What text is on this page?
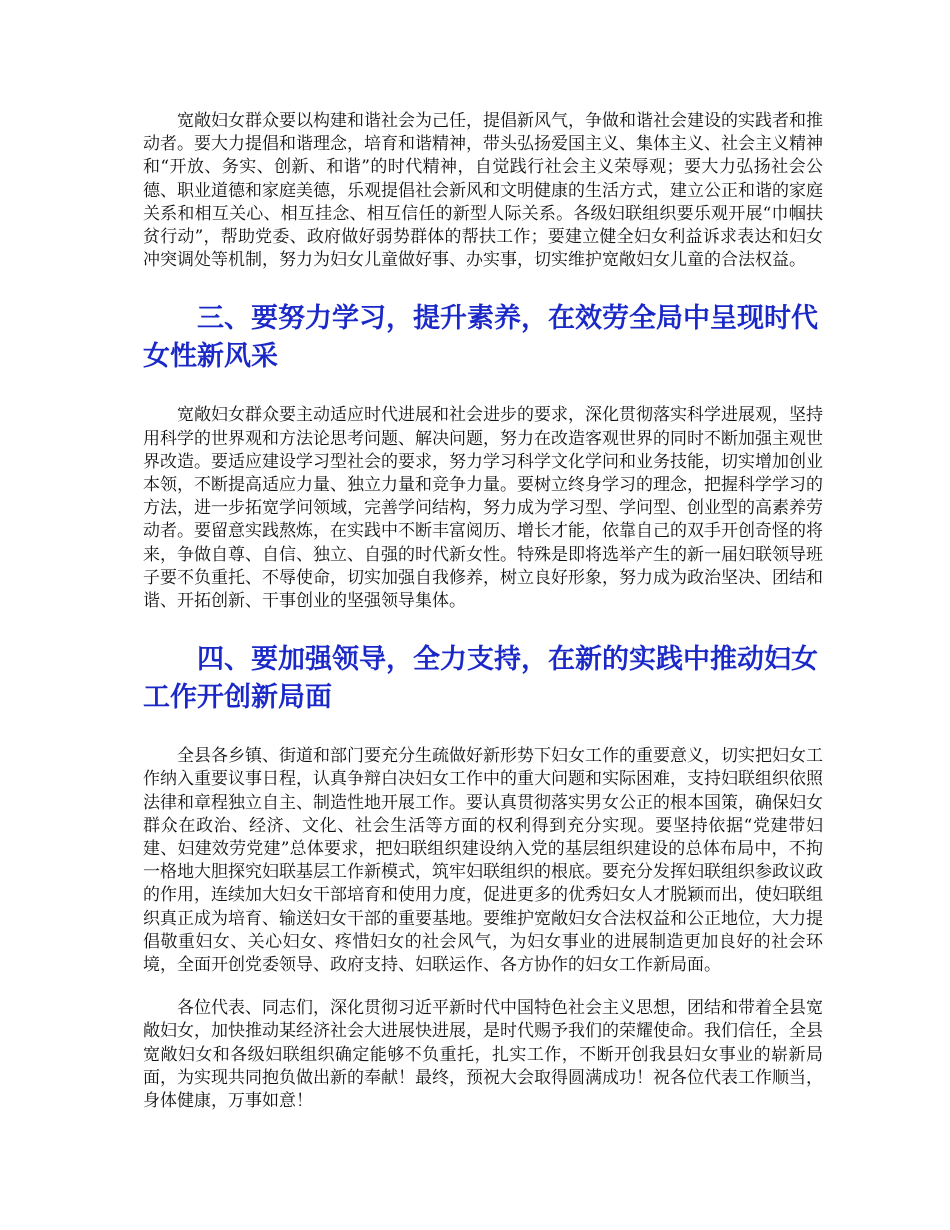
宽敞妇女群众要以构建和谐社会为己任，提倡新风气，争做和谐社会建设的实践者和推动者。要大力提倡和谐理念，培育和谐精神，带头弘扬爱国主义、集体主义、社会主义精神和“开放、务实、创新、和谐”的时代精神，自觉践行社会主义荣辱观；要大力弘扬社会公德、职业道德和家庭美德，乐观提倡社会新风和文明健康的生活方式，建立公正和谐的家庭关系和相互关心、相互挂念、相互信任的新型人际关系。各级妇联组织要乐观开展“巾帼扶贫行动”，帮助党委、政府做好弱势群体的帮扶工作；要建立健全妇女利益诉求表达和妇女冲突调处等机制，努力为妇女儿童做好事、办实事，切实维护宽敞妇女儿童的合法权益。

三、要努力学习，提升素养，在效劳全局中呈现时代女性新风采

宽敞妇女群众要主动适应时代进展和社会进步的要求，深化贯彻落实科学进展观，坚持用科学的世界观和方法论思考问题、解决问题，努力在改造客观世界的同时不断加强主观世界改造。要适应建设学习型社会的要求，努力学习科学文化学问和业务技能，切实增加创业本领，不断提高适应力量、独立力量和竞争力量。要树立终身学习的理念，把握科学学习的方法，进一步拓宽学问领域，完善学问结构，努力成为学习型、学问型、创业型的高素养劳动者。要留意实践熬炼，在实践中不断丰富阅历、增长才能，依靠自己的双手开创奇怪的将来，争做自尊、自信、独立、自强的时代新女性。特殊是即将选举产生的新一届妇联领导班子要不负重托、不辱使命，切实加强自我修养，树立良好形象，努力成为政治坚决、团结和谐、开拓创新、干事创业的坚强领导集体。

四、要加强领导，全力支持，在新的实践中推动妇女工作开创新局面

全县各乡镇、街道和部门要充分生疏做好新形势下妇女工作的重要意义，切实把妇女工作纳入重要议事日程，认真争辩白决妇女工作中的重大问题和实际困难，支持妇联组织依照法律和章程独立自主、制造性地开展工作。要认真贯彻落实男女公正的根本国策，确保妇女群众在政治、经济、文化、社会生活等方面的权利得到充分实现。要坚持依据“党建带妇建、妇建效劳党建”总体要求，把妇联组织建设纳入党的基层组织建设的总体布局中，不拘一格地大胆探究妇联基层工作新模式，筑牢妇联组织的根底。要充分发挥妇联组织参政议政的作用，连续加大妇女干部培育和使用力度，促进更多的优秀妇女人才脱颖而出，使妇联组织真正成为培育、输送妇女干部的重要基地。要维护宽敞妇女合法权益和公正地位，大力提倡敬重妇女、关心妇女、疼惜妇女的社会风气，为妇女事业的进展制造更加良好的社会环境，全面开创党委领导、政府支持、妇联运作、各方协作的妇女工作新局面。

各位代表、同志们，深化贯彻习近平新时代中国特色社会主义思想，团结和带着全县宽敞妇女，加快推动某经济社会大进展快进展，是时代赐予我们的荣耀使命。我们信任，全县宽敞妇女和各级妇联组织确定能够不负重托，扎实工作，不断开创我县妇女事业的崭新局面，为实现共同抱负做出新的奉献！最终，预祝大会取得圆满成功！祝各位代表工作顺当，身体健康，万事如意！
